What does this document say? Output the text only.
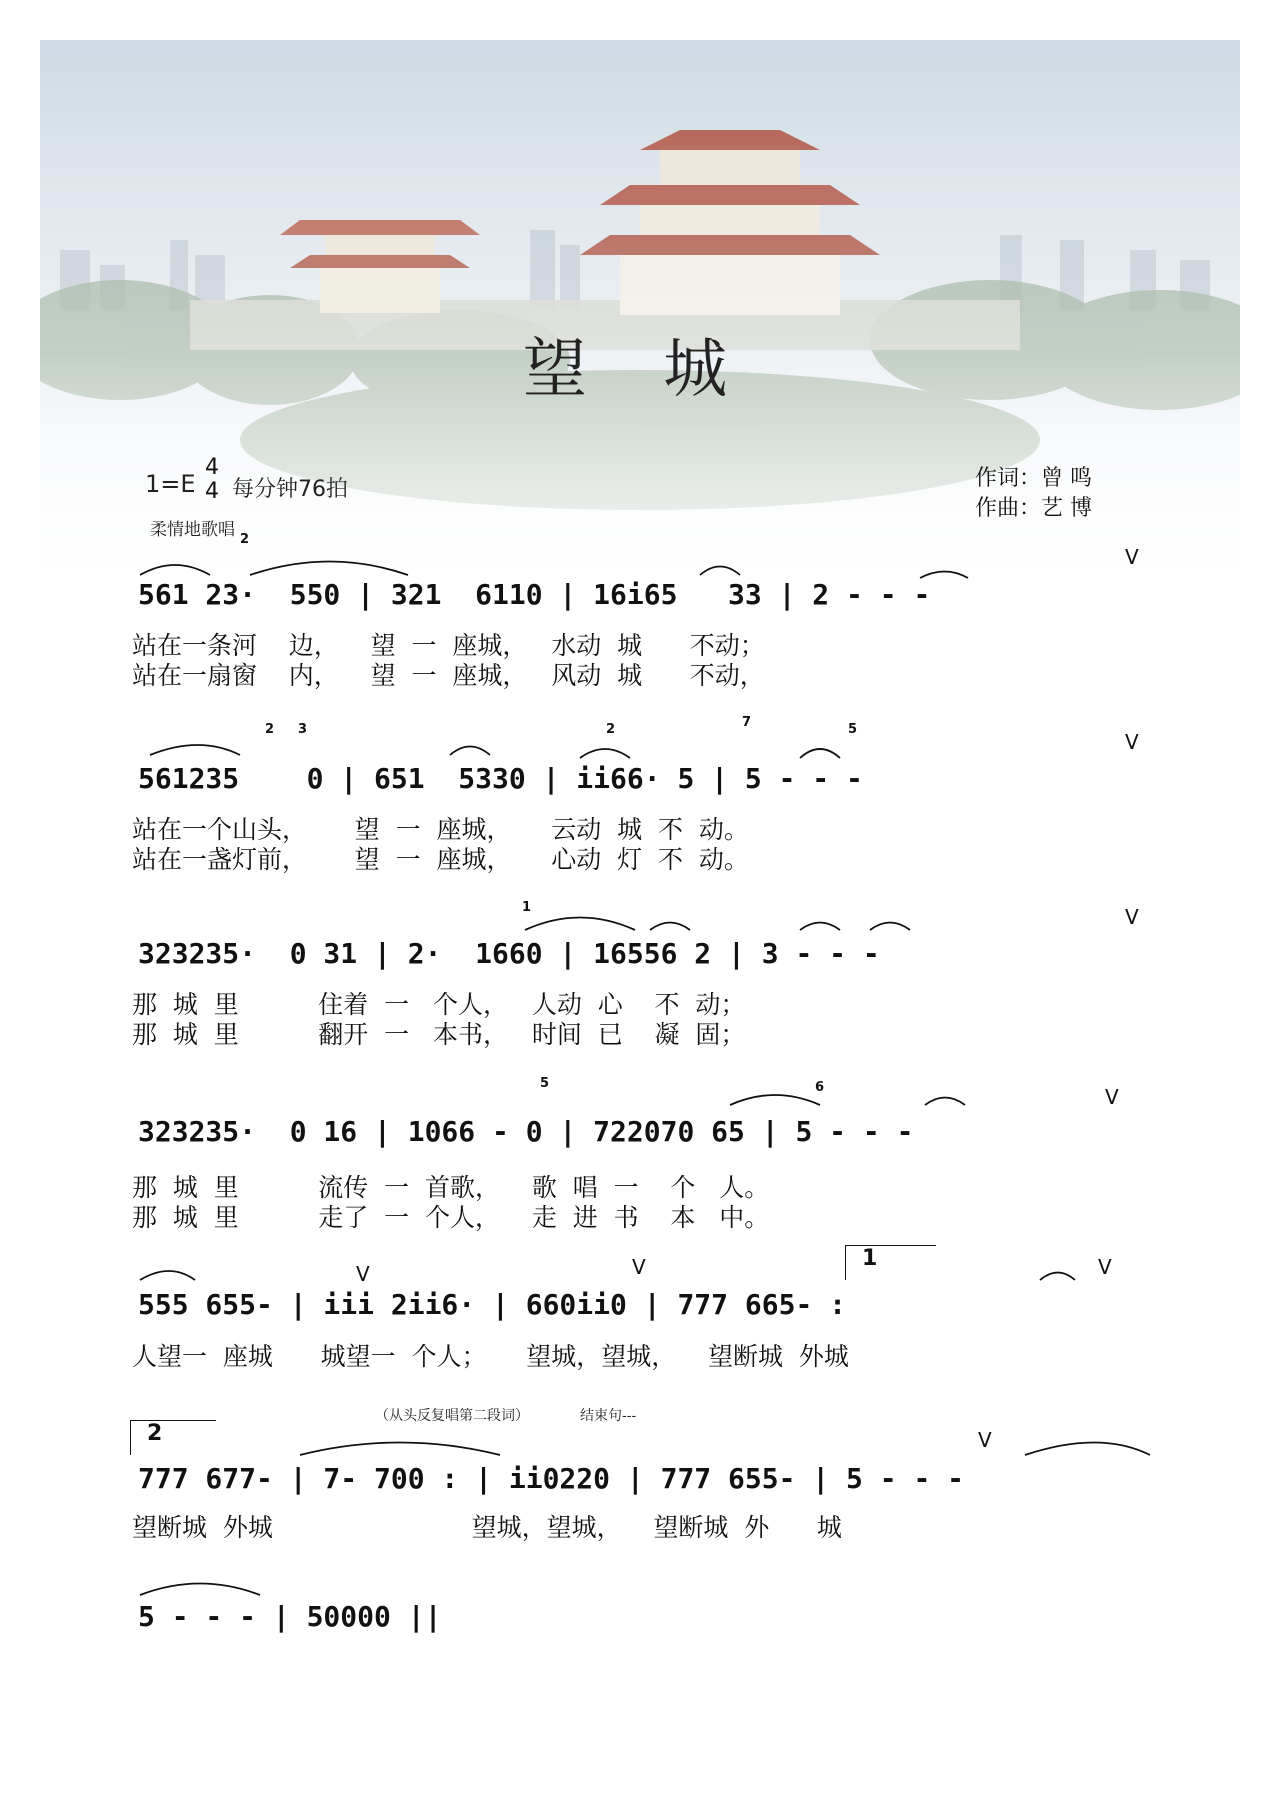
望 城
1=E
4
4 每分钟76拍
柔情地歌唱
作词：曾 鸣
作曲：艺 博
561 23·  550 | 321  6110 | 16i65   33 | 2 - - -
站在一条河    边，    望  一  座城，   水动  城      不动；
站在一扇窗    内，    望  一  座城，   风动  城      不动，
561235    0 | 651  5330 | ii66· 5 | 5 - - -
站在一个山头，      望  一  座城，     云动  城  不  动。
站在一盏灯前，      望  一  座城，     心动  灯  不  动。
323235·  0 31 | 2·  1660 | 16556 2 | 3 - - -
那  城  里          住着  一   个人，   人动  心    不  动；
那  城  里          翻开  一   本书，   时间  已    凝  固；
323235·  0 16 | 1066 - 0 | 722070 65 | 5 - - -
那  城  里          流传  一  首歌，    歌  唱  一    个   人。
那  城  里          走了  一  个人，    走  进  书    本   中。
1
555 655- | iii 2ii6· | 660ii0 | 777 665- :
人望一  座城      城望一  个人；     望城，望城，    望断城  外城
（从头反复唱第二段词）	结束句---
2
777 677- | 7- 700 : | ii0220 | 777 655- | 5 - - -
望断城  外城                         望城，望城，    望断城  外      城
5 - - - | 50000 ||
V
V
V
V
V	V	V
V
2
2 3	2	7	5
1
5	6
